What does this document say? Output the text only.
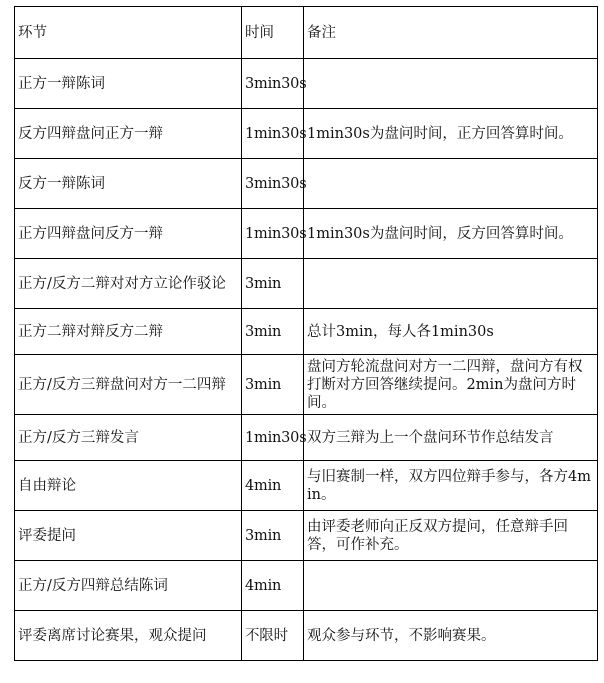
环节	时间	备注
正方一辩陈词	3min30s	
反方四辩盘问正方一辩	1min30s	1min30s为盘问时间，正方回答算时间。
反方一辩陈词	3min30s	
正方四辩盘问反方一辩	1min30s	1min30s为盘问时间，反方回答算时间。
正方/反方二辩对对方立论作驳论	3min	
正方二辩对辩反方二辩	3min	总计3min，每人各1min30s
正方/反方三辩盘问对方一二四辩	3min	盘问方轮流盘问对方一二四辩，盘问方有权打断对方回答继续提问。2min为盘问方时间。
正方/反方三辩发言	1min30s	双方三辩为上一个盘问环节作总结发言
自由辩论	4min	与旧赛制一样，双方四位辩手参与，各方4min。
评委提问	3min	由评委老师向正反双方提问，任意辩手回答，可作补充。
正方/反方四辩总结陈词	4min	
评委离席讨论赛果，观众提问	不限时	观众参与环节，不影响赛果。
